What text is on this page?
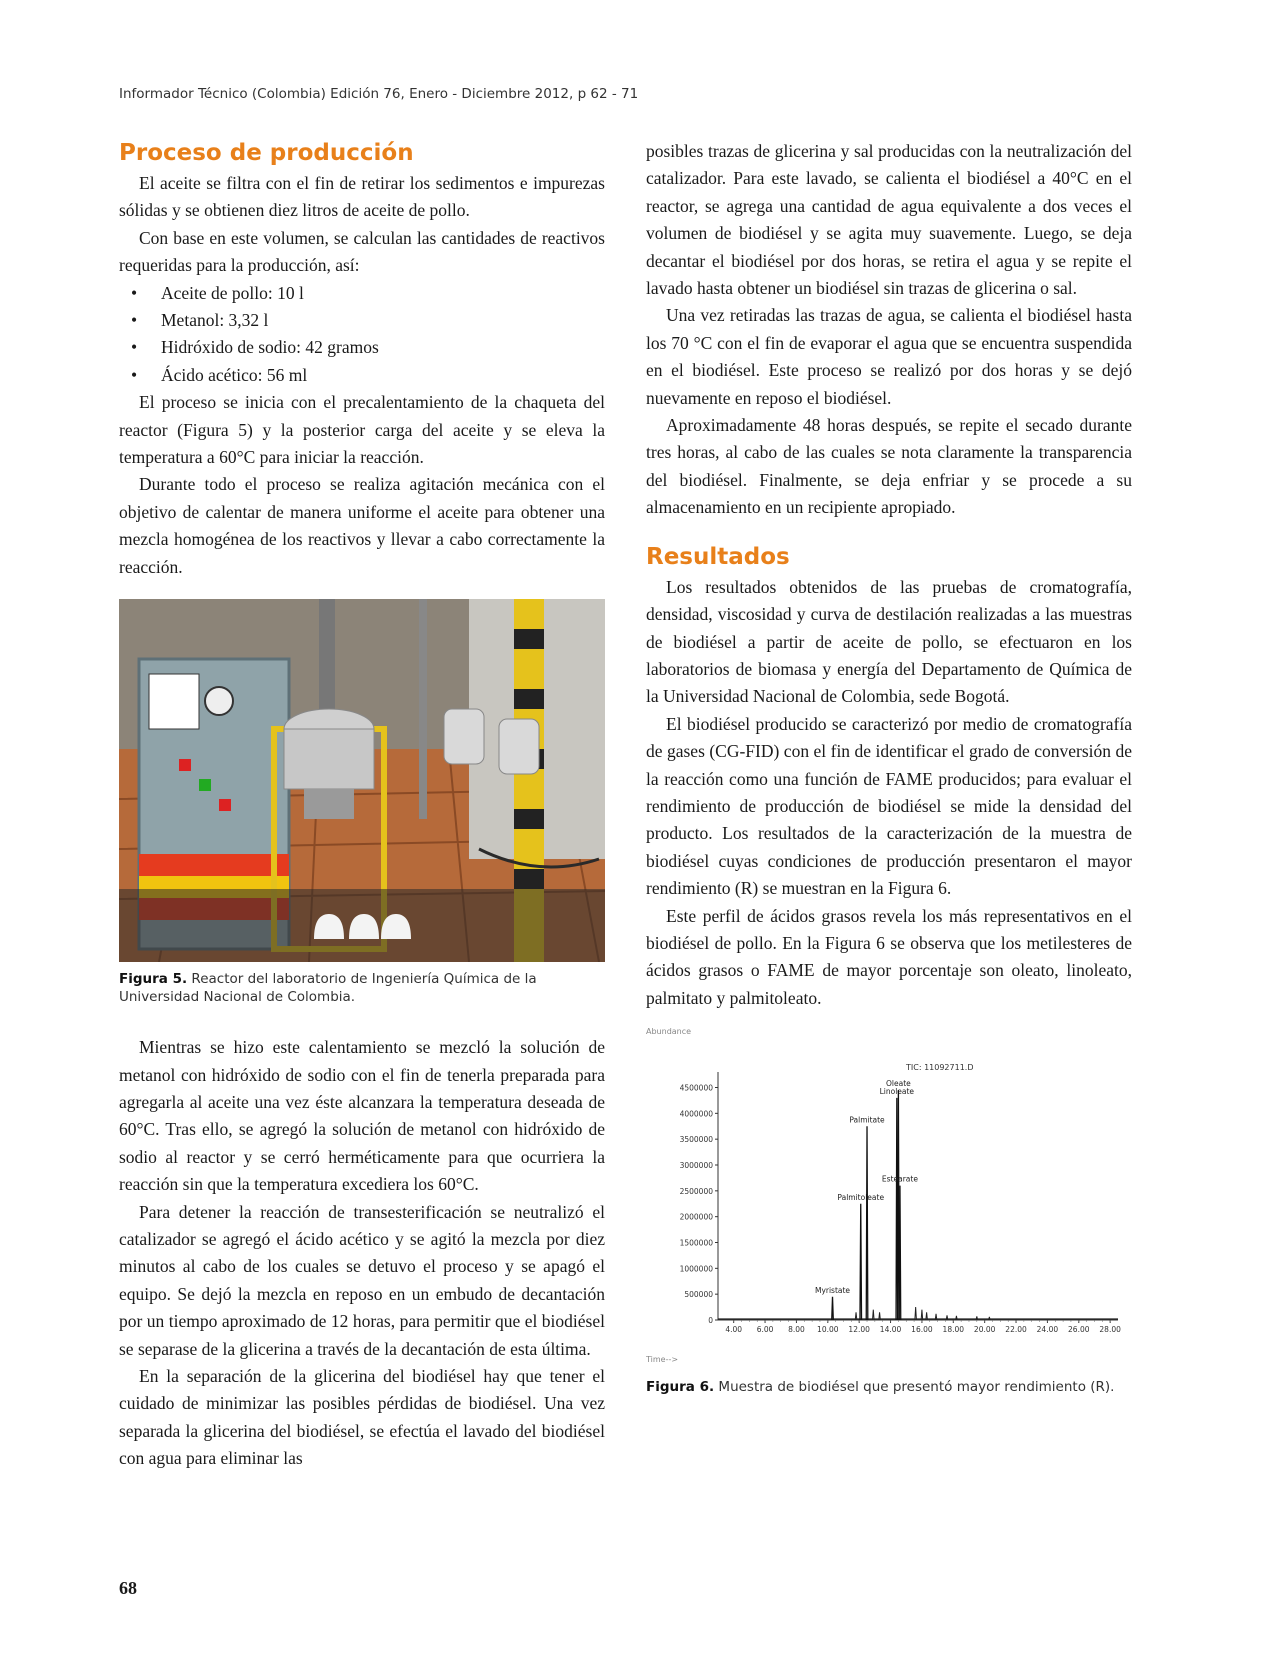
Informador Técnico (Colombia) Edición 76, Enero - Diciembre 2012, p 62 - 71
Proceso de producción

El aceite se filtra con el fin de retirar los sedimentos e impurezas sólidas y se obtienen diez litros de aceite de pollo.

Con base en este volumen, se calculan las cantidades de reactivos requeridas para la producción, así:

• Aceite de pollo: 10 l
• Metanol: 3,32 l
• Hidróxido de sodio: 42 gramos
• Ácido acético: 56 ml

El proceso se inicia con el precalentamiento de la chaqueta del reactor (Figura 5) y la posterior carga del aceite y se eleva la temperatura a 60°C para iniciar la reacción.

Durante todo el proceso se realiza agitación mecánica con el objetivo de calentar de manera uniforme el aceite para obtener una mezcla homogénea de los reactivos y llevar a cabo correctamente la reacción.

Figura 5. Reactor del laboratorio de Ingeniería Química de la Universidad Nacional de Colombia.

Mientras se hizo este calentamiento se mezcló la solución de metanol con hidróxido de sodio con el fin de tenerla preparada para agregarla al aceite una vez éste alcanzara la temperatura deseada de 60°C. Tras ello, se agregó la solución de metanol con hidróxido de sodio al reactor y se cerró herméticamente para que ocurriera la reacción sin que la temperatura excediera los 60°C.

Para detener la reacción de transesterificación se neutralizó el catalizador se agregó el ácido acético y se agitó la mezcla por diez minutos al cabo de los cuales se detuvo el proceso y se apagó el equipo. Se dejó la mezcla en reposo en un embudo de decantación por un tiempo aproximado de 12 horas, para permitir que el biodiésel se separase de la glicerina a través de la decantación de esta última.

En la separación de la glicerina del biodiésel hay que tener el cuidado de minimizar las posibles pérdidas de biodiésel. Una vez separada la glicerina del biodiésel, se efectúa el lavado del biodiésel con agua para eliminar las

posibles trazas de glicerina y sal producidas con la neutralización del catalizador. Para este lavado, se calienta el biodiésel a 40°C en el reactor, se agrega una cantidad de agua equivalente a dos veces el volumen de biodiésel y se agita muy suavemente. Luego, se deja decantar el biodiésel por dos horas, se retira el agua y se repite el lavado hasta obtener un biodiésel sin trazas de glicerina o sal.

Una vez retiradas las trazas de agua, se calienta el biodiésel hasta los 70 °C con el fin de evaporar el agua que se encuentra suspendida en el biodiésel. Este proceso se realizó por dos horas y se dejó nuevamente en reposo el biodiésel.

Aproximadamente 48 horas después, se repite el secado durante tres horas, al cabo de las cuales se nota claramente la transparencia del biodiésel. Finalmente, se deja enfriar y se procede a su almacenamiento en un recipiente apropiado.

Resultados

Los resultados obtenidos de las pruebas de cromatografía, densidad, viscosidad y curva de destilación realizadas a las muestras de biodiésel a partir de aceite de pollo, se efectuaron en los laboratorios de biomasa y energía del Departamento de Química de la Universidad Nacional de Colombia, sede Bogotá.

El biodiésel producido se caracterizó por medio de cromatografía de gases (CG-FID) con el fin de identificar el grado de conversión de la reacción como una función de FAME producidos; para evaluar el rendimiento de producción de biodiésel se mide la densidad del producto. Los resultados de la caracterización de la muestra de biodiésel cuyas condiciones de producción presentaron el mayor rendimiento (R) se muestran en la Figura 6.

Este perfil de ácidos grasos revela los más representativos en el biodiésel de pollo. En la Figura 6 se observa que los metilesteres de ácidos grasos o FAME de mayor porcentaje son oleato, linoleato, palmitato y palmitoleato.

Abundance
TIC: 11092711.D
Time-->
0
500000
1000000
1500000
2000000
2500000
3000000
3500000
4000000
4500000
4.00 6.00 8.00 10.00 12.00 14.00 16.00 18.00 20.00 22.00 24.00 26.00 28.00
Myristate
Palmitoleate
Palmitate
Linoleate
Oleate
Estearate
Figura 6. Muestra de biodiésel que presentó mayor rendimiento (R).
68
